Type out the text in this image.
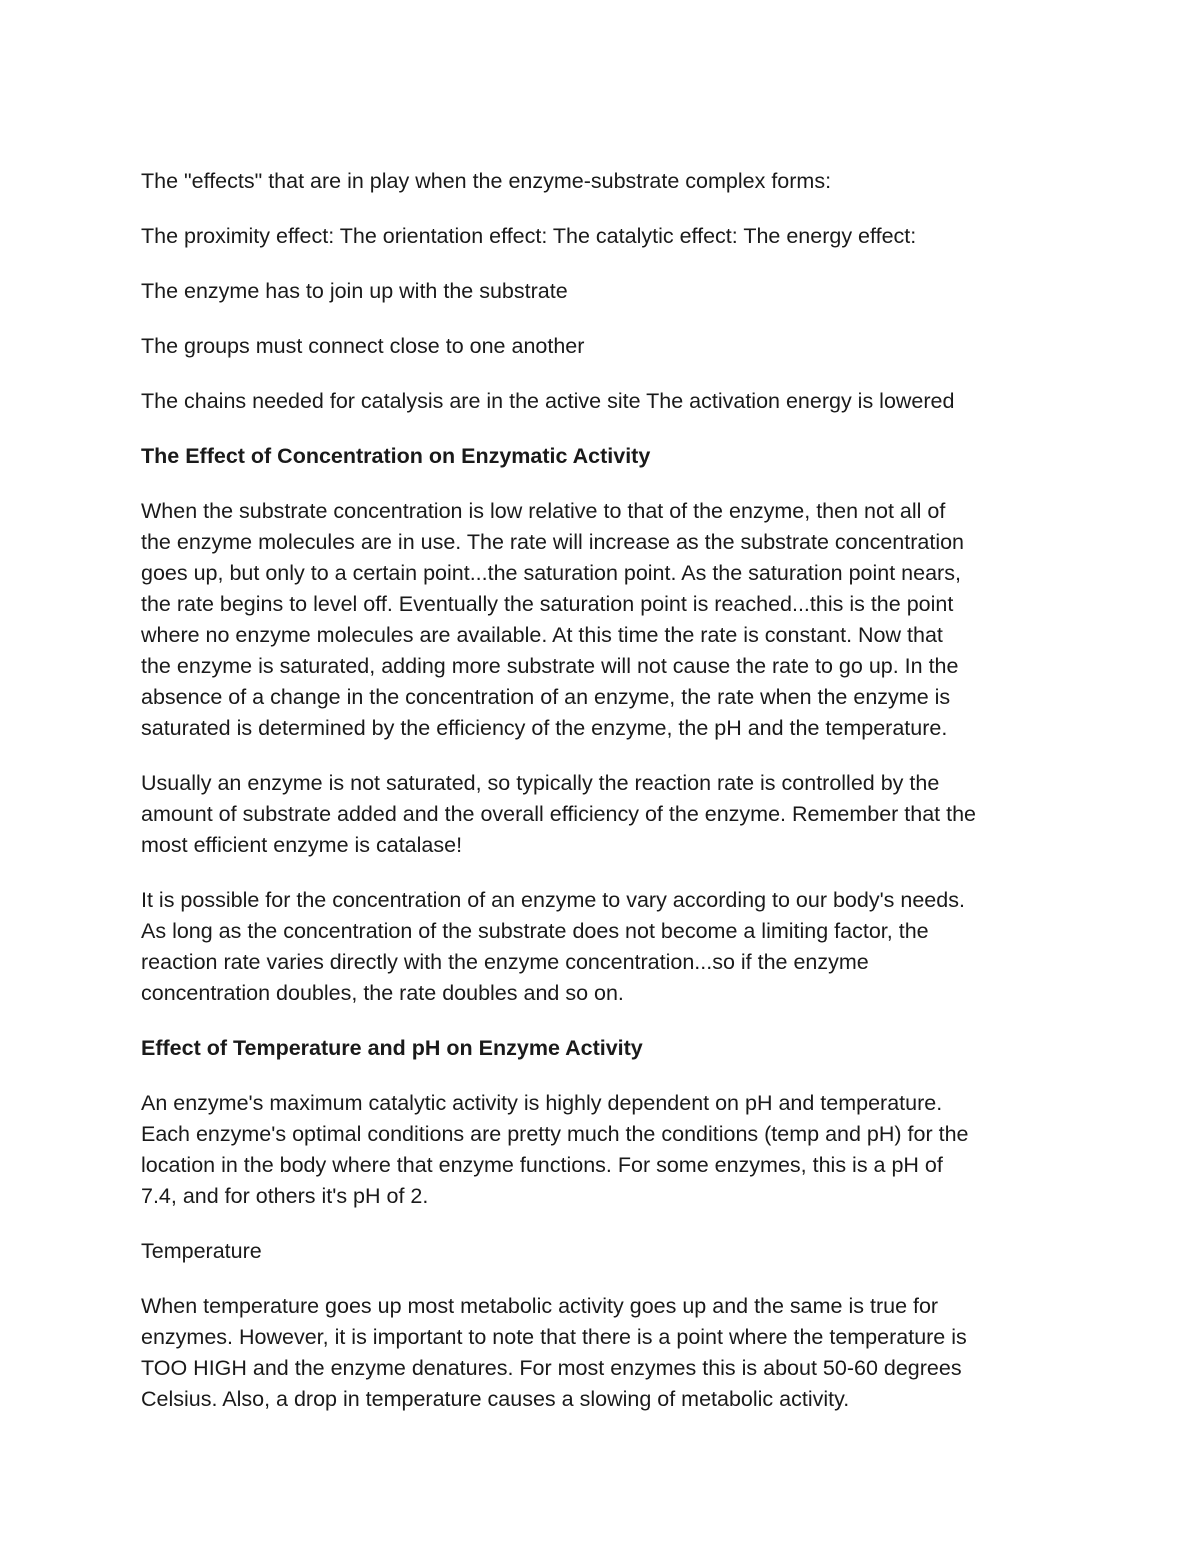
The "effects" that are in play when the enzyme-substrate complex forms:

The proximity effect: The orientation effect: The catalytic effect: The energy effect:

The enzyme has to join up with the substrate

The groups must connect close to one another

The chains needed for catalysis are in the active site The activation energy is lowered

The Effect of Concentration on Enzymatic Activity

When the substrate concentration is low relative to that of the enzyme, then not all of
the enzyme molecules are in use. The rate will increase as the substrate concentration
goes up, but only to a certain point...the saturation point. As the saturation point nears,
the rate begins to level off. Eventually the saturation point is reached...this is the point
where no enzyme molecules are available. At this time the rate is constant. Now that
the enzyme is saturated, adding more substrate will not cause the rate to go up. In the
absence of a change in the concentration of an enzyme, the rate when the enzyme is
saturated is determined by the efficiency of the enzyme, the pH and the temperature.

Usually an enzyme is not saturated, so typically the reaction rate is controlled by the
amount of substrate added and the overall efficiency of the enzyme. Remember that the
most efficient enzyme is catalase!

It is possible for the concentration of an enzyme to vary according to our body's needs.
As long as the concentration of the substrate does not become a limiting factor, the
reaction rate varies directly with the enzyme concentration...so if the enzyme
concentration doubles, the rate doubles and so on.

Effect of Temperature and pH on Enzyme Activity

An enzyme's maximum catalytic activity is highly dependent on pH and temperature.
Each enzyme's optimal conditions are pretty much the conditions (temp and pH) for the
location in the body where that enzyme functions. For some enzymes, this is a pH of
7.4, and for others it's pH of 2.

Temperature

When temperature goes up most metabolic activity goes up and the same is true for
enzymes. However, it is important to note that there is a point where the temperature is
TOO HIGH and the enzyme denatures. For most enzymes this is about 50-60 degrees
Celsius. Also, a drop in temperature causes a slowing of metabolic activity.
